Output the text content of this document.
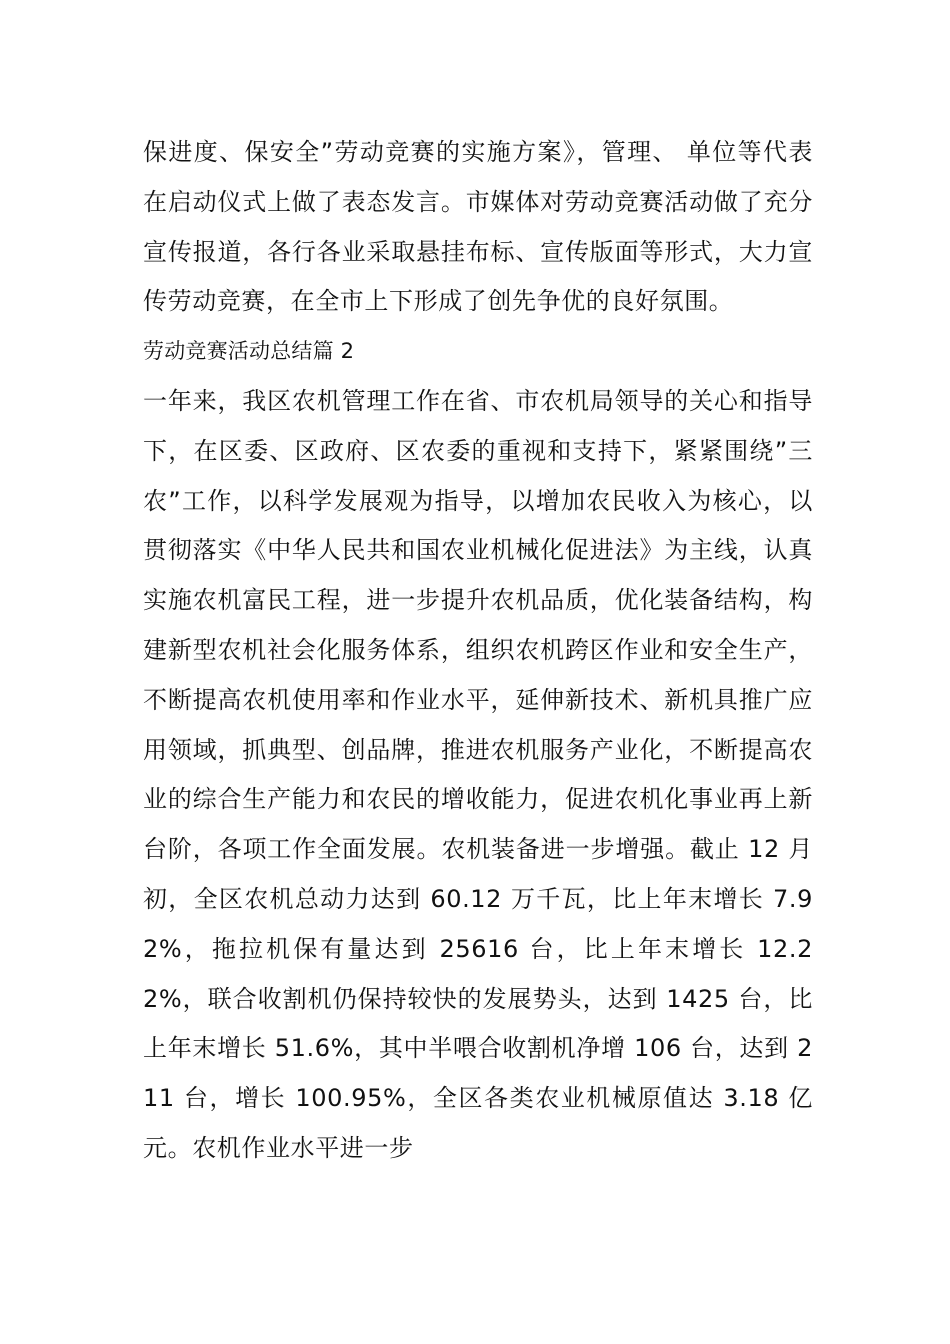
保进度、保安全”劳动竞赛的实施方案》，管理、 单位等代表在启动仪式上做了表态发言。市媒体对劳动竞赛活动做了充分宣传报道，各行各业采取悬挂布标、宣传版面等形式，大力宣传劳动竞赛，在全市上下形成了创先争优的良好氛围。

劳动竞赛活动总结篇 2

一年来，我区农机管理工作在省、市农机局领导的关心和指导下，在区委、区政府、区农委的重视和支持下，紧紧围绕”三农”工作，以科学发展观为指导，以增加农民收入为核心，以贯彻落实《中华人民共和国农业机械化促进法》为主线，认真实施农机富民工程，进一步提升农机品质，优化装备结构，构建新型农机社会化服务体系，组织农机跨区作业和安全生产，不断提高农机使用率和作业水平，延伸新技术、新机具推广应用领域，抓典型、创品牌，推进农机服务产业化，不断提高农业的综合生产能力和农民的增收能力，促进农机化事业再上新台阶，各项工作全面发展。农机装备进一步增强。截止 12 月初，全区农机总动力达到 60.12 万千瓦，比上年末增长 7.92%，拖拉机保有量达到 25616 台，比上年末增长 12.22%，联合收割机仍保持较快的发展势头，达到 1425 台，比上年末增长 51.6%，其中半喂合收割机净增 106 台，达到 211 台，增长 100.95%，全区各类农业机械原值达 3.18 亿元。农机作业水平进一步
